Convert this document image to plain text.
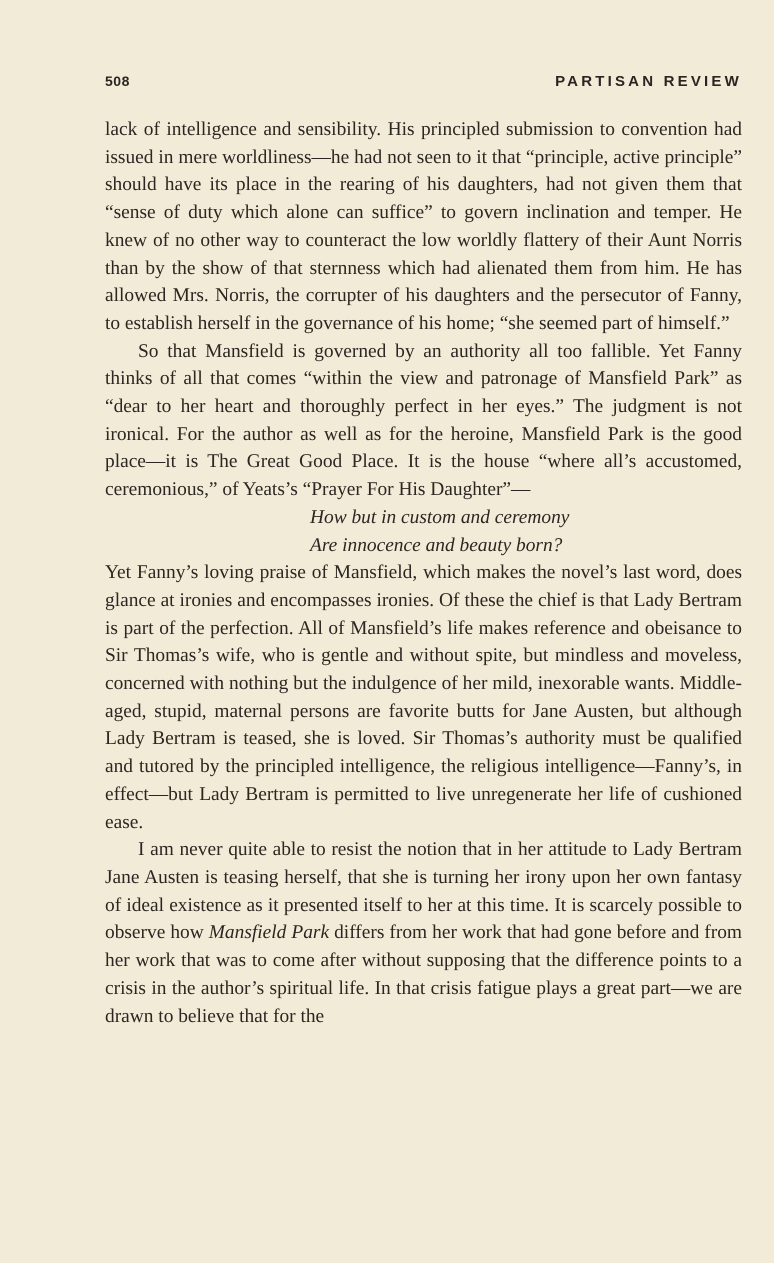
508	PARTISAN REVIEW

lack of intelligence and sensibility. His principled submission to convention had issued in mere worldliness—he had not seen to it that “principle, active principle” should have its place in the rearing of his daughters, had not given them that “sense of duty which alone can suffice” to govern inclination and temper. He knew of no other way to counteract the low worldly flattery of their Aunt Norris than by the show of that sternness which had alienated them from him. He has allowed Mrs. Norris, the corrupter of his daughters and the persecutor of Fanny, to establish herself in the governance of his home; “she seemed part of himself.”

So that Mansfield is governed by an authority all too fallible. Yet Fanny thinks of all that comes “within the view and patronage of Mansfield Park” as “dear to her heart and thoroughly perfect in her eyes.” The judgment is not ironical. For the author as well as for the heroine, Mansfield Park is the good place—it is The Great Good Place. It is the house “where all’s accustomed, ceremonious,” of Yeats’s “Prayer For His Daughter”—

How but in custom and ceremony
Are innocence and beauty born?

Yet Fanny’s loving praise of Mansfield, which makes the novel’s last word, does glance at ironies and encompasses ironies. Of these the chief is that Lady Bertram is part of the perfection. All of Mansfield’s life makes reference and obeisance to Sir Thomas’s wife, who is gentle and without spite, but mindless and moveless, concerned with nothing but the indulgence of her mild, inexorable wants. Middle-aged, stupid, maternal persons are favorite butts for Jane Austen, but although Lady Bertram is teased, she is loved. Sir Thomas’s authority must be qualified and tutored by the principled intelligence, the religious intelligence—Fanny’s, in effect—but Lady Bertram is permitted to live unregenerate her life of cushioned ease.

I am never quite able to resist the notion that in her attitude to Lady Bertram Jane Austen is teasing herself, that she is turning her irony upon her own fantasy of ideal existence as it presented itself to her at this time. It is scarcely possible to observe how Mansfield Park differs from her work that had gone before and from her work that was to come after without supposing that the difference points to a crisis in the author’s spiritual life. In that crisis fatigue plays a great part—we are drawn to believe that for the
